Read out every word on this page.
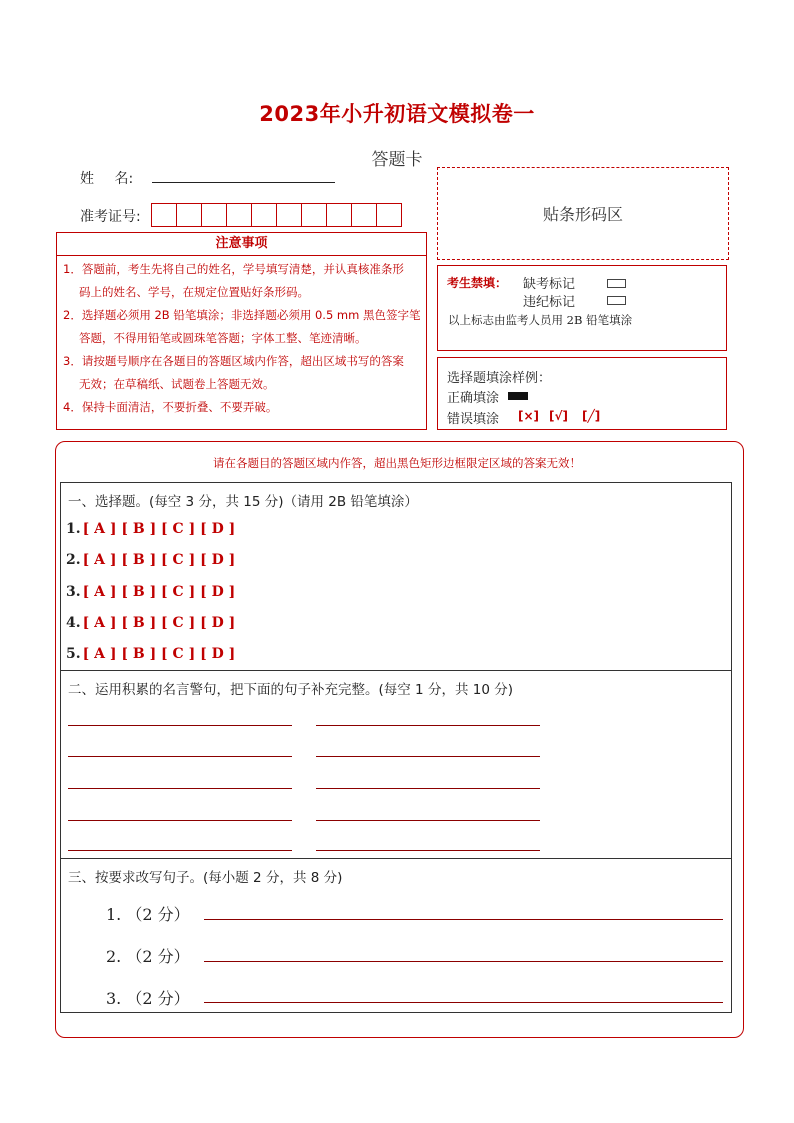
2023年小升初语文模拟卷一
答题卡
姓 名:
准考证号:	贴条形码区
注意事项
1．答题前，考生先将自己的姓名，学号填写清楚，并认真核准条形
码上的姓名、学号，在规定位置贴好条形码。
2．选择题必须用 2B 铅笔填涂；非选择题必须用 0.5 mm 黑色签字笔
答题，不得用铅笔或圆珠笔答题；字体工整、笔迹清晰。
3．请按题号顺序在各题目的答题区域内作答，超出区域书写的答案
无效；在草稿纸、试题卷上答题无效。
4．保持卡面清洁，不要折叠、不要弄破。
考生禁填： 缺考标记
违纪标记
以上标志由监考人员用 2B 铅笔填涂
选择题填涂样例：
正确填涂
错误填涂 [×] [√] [╱]
请在各题目的答题区域内作答，超出黑色矩形边框限定区域的答案无效！
一、选择题。(每空 3 分，共 15 分)（请用 2B 铅笔填涂）
1. [ A ] [ B ] [ C ] [ D ]
2. [ A ] [ B ] [ C ] [ D ]
3. [ A ] [ B ] [ C ] [ D ]
4. [ A ] [ B ] [ C ] [ D ]
5. [ A ] [ B ] [ C ] [ D ]
二、运用积累的名言警句，把下面的句子补充完整。(每空 1 分，共 10 分)
三、按要求改写句子。(每小题 2 分，共 8 分)
1. （2 分）
2. （2 分）
3. （2 分）
